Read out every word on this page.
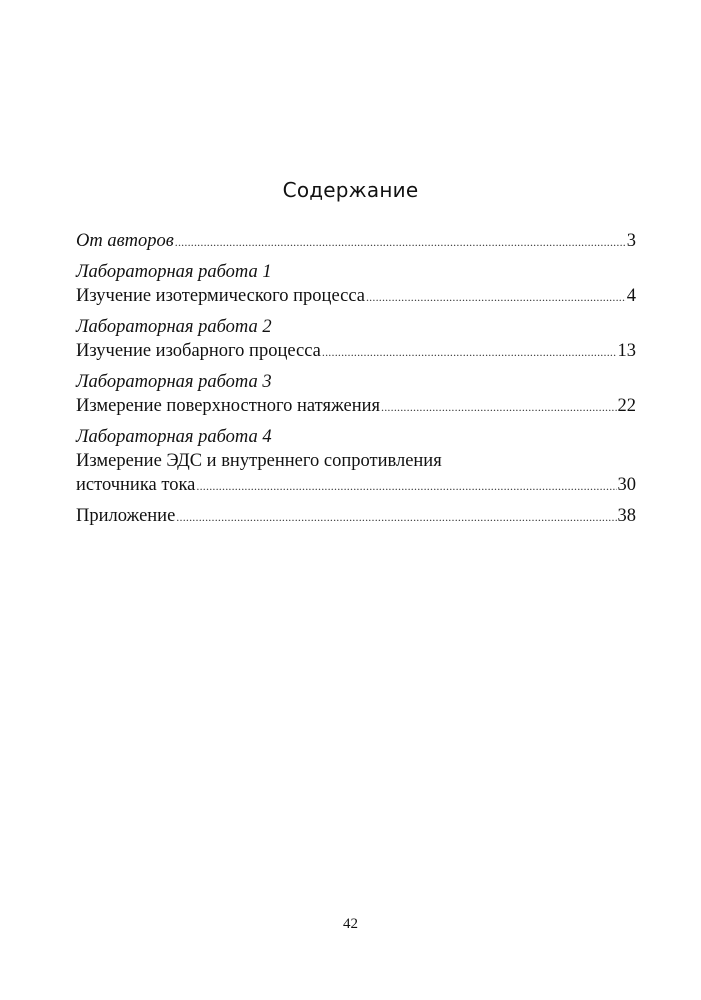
Содержание
От авторов .....	3
Лабораторная работа 1
Изучение изотермического процесса .....	4
Лабораторная работа 2
Изучение изобарного процесса .....	13
Лабораторная работа 3
Измерение поверхностного натяжения .....	22
Лабораторная работа 4
Измерение ЭДС и внутреннего сопротивления
источника тока .....	30
Приложение .....	38
42
